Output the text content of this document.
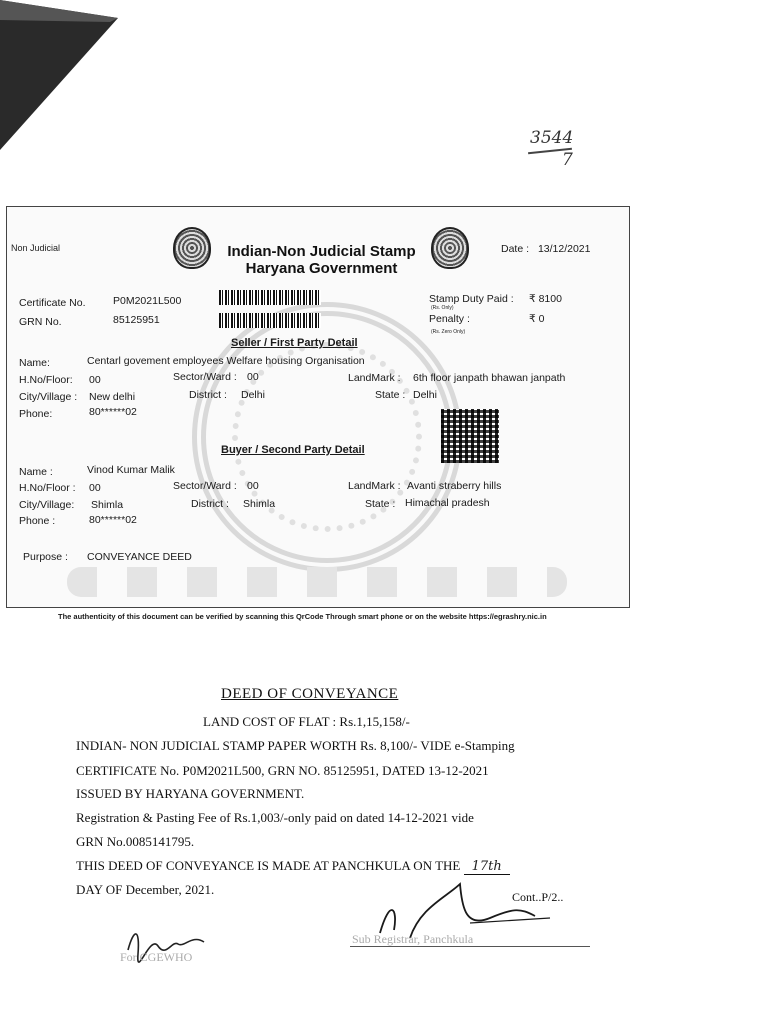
3544
7
Non Judicial	Indian-Non Judicial Stamp
Haryana Government
Date : 13/12/2021
Certificate No.	P0M2021L500
GRN No.	85125951
Stamp Duty Paid :
(Rs. Only)
₹ 8100
Penalty :	₹ 0
(Rs. Zero Only)
Seller / First Party Detail
Name:	Centarl govement employees Welfare housing Organisation
H.No/Floor: 00	Sector/Ward : 00	LandMark : 6th floor janpath bhawan janpath
City/Village : New delhi	District : Delhi	State : Delhi
Phone:	80******02
Buyer / Second Party Detail
Name :	Vinod Kumar Malik
H.No/Floor : 00	Sector/Ward : 00	LandMark : Avanti straberry hills
City/Village: Shimla	District : Shimla	State : Himachal pradesh
Phone :	80******02
Purpose : CONVEYANCE DEED
The authenticity of this document can be verified by scanning this QrCode Through smart phone or on the website https://egrashry.nic.in
DEED OF CONVEYANCE
LAND COST OF FLAT : Rs.1,15,158/-
INDIAN- NON JUDICIAL STAMP PAPER WORTH Rs. 8,100/- VIDE e-Stamping
CERTIFICATE No. P0M2021L500, GRN NO. 85125951, DATED 13-12-2021
ISSUED BY HARYANA GOVERNMENT.
Registration & Pasting Fee of Rs.1,003/-only paid on dated 14-12-2021 vide
GRN No.0085141795.
THIS DEED OF CONVEYANCE IS MADE AT PANCHKULA ON THE 17th
DAY OF December, 2021.	Cont..P/2..
For CGEWHO
Sub Registrar, Panchkula
